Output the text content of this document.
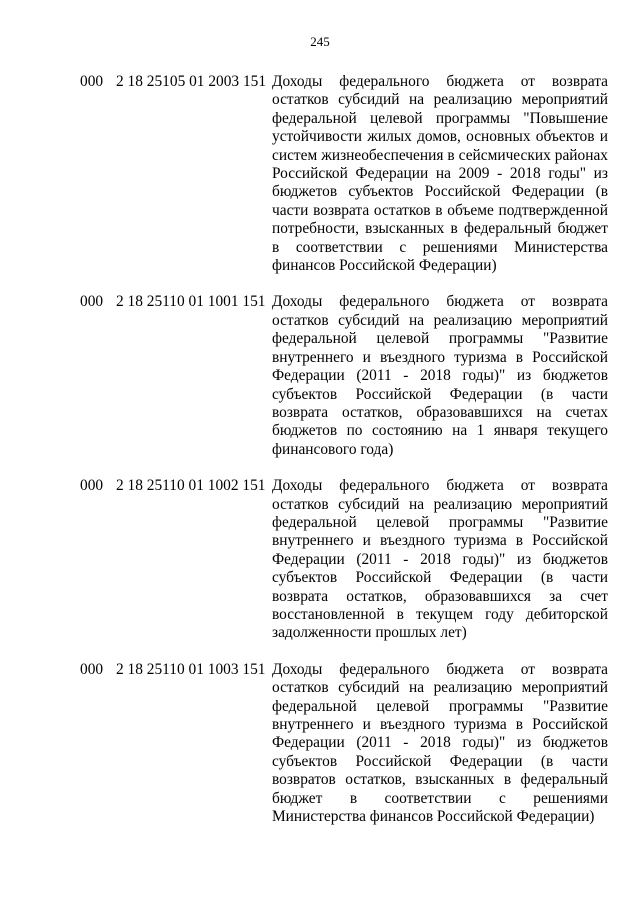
245
000 2 18 25105 01 2003 151 Доходы федерального бюджета от возврата остатков субсидий на реализацию мероприятий федеральной целевой программы "Повышение устойчивости жилых домов, основных объектов и систем жизнеобеспечения в сейсмических районах Российской Федерации на 2009 - 2018 годы" из бюджетов субъектов Российской Федерации (в части возврата остатков в объеме подтвержденной потребности, взысканных в федеральный бюджет в соответствии с решениями Министерства финансов Российской Федерации)
000 2 18 25110 01 1001 151 Доходы федерального бюджета от возврата остатков субсидий на реализацию мероприятий федеральной целевой программы "Развитие внутреннего и въездного туризма в Российской Федерации (2011 - 2018 годы)" из бюджетов субъектов Российской Федерации (в части возврата остатков, образовавшихся на счетах бюджетов по состоянию на 1 января текущего финансового года)
000 2 18 25110 01 1002 151 Доходы федерального бюджета от возврата остатков субсидий на реализацию мероприятий федеральной целевой программы "Развитие внутреннего и въездного туризма в Российской Федерации (2011 - 2018 годы)" из бюджетов субъектов Российской Федерации (в части возврата остатков, образовавшихся за счет восстановленной в текущем году дебиторской задолженности прошлых лет)
000 2 18 25110 01 1003 151 Доходы федерального бюджета от возврата остатков субсидий на реализацию мероприятий федеральной целевой программы "Развитие внутреннего и въездного туризма в Российской Федерации (2011 - 2018 годы)" из бюджетов субъектов Российской Федерации (в части возвратов остатков, взысканных в федеральный бюджет в соответствии с решениями Министерства финансов Российской Федерации)
